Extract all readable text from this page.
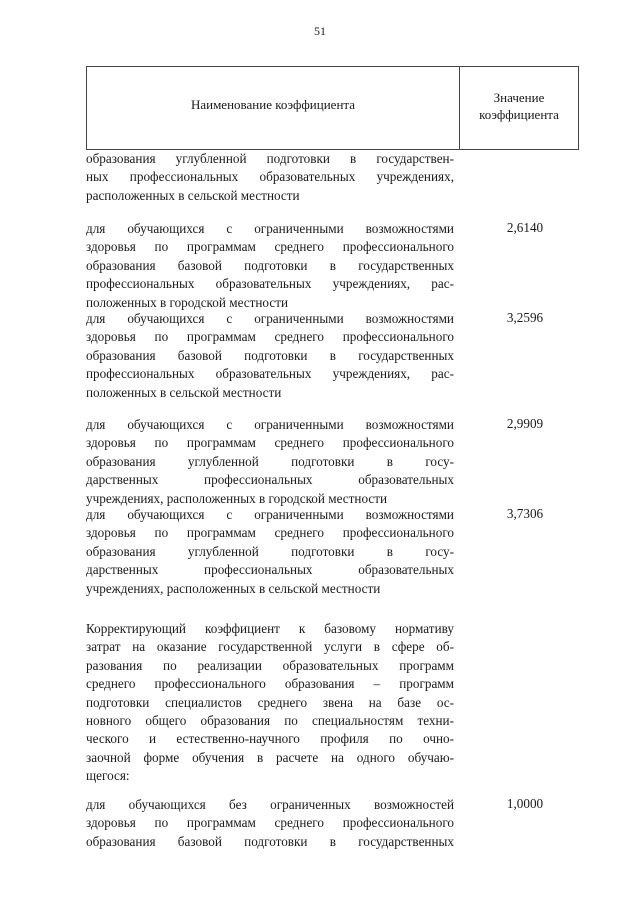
51
Наименование коэффициента	Значение
коэффициента
образования углубленной подготовки в государствен-
ных профессиональных образовательных учреждениях,
расположенных в сельской местности
для обучающихся с ограниченными возможностями
здоровья по программам среднего профессионального
образования базовой подготовки в государственных
профессиональных образовательных учреждениях, рас-
положенных в городской местности
2,6140
для обучающихся с ограниченными возможностями
здоровья по программам среднего профессионального
образования базовой подготовки в государственных
профессиональных образовательных учреждениях, рас-
положенных в сельской местности
3,2596
для обучающихся с ограниченными возможностями
здоровья по программам среднего профессионального
образования углубленной подготовки в госу-
дарственных профессиональных образовательных
учреждениях, расположенных в городской местности
2,9909
для обучающихся с ограниченными возможностями
здоровья по программам среднего профессионального
образования углубленной подготовки в госу-
дарственных профессиональных образовательных
учреждениях, расположенных в сельской местности
3,7306
Корректирующий коэффициент к базовому нормативу
затрат на оказание государственной услуги в сфере об-
разования по реализации образовательных программ
среднего профессионального образования – программ
подготовки специалистов среднего звена на базе ос-
новного общего образования по специальностям техни-
ческого и естественно-научного профиля по очно-
заочной форме обучения в расчете на одного обучаю-
щегося:
для обучающихся без ограниченных возможностей
здоровья по программам среднего профессионального
образования базовой подготовки в государственных
1,0000
